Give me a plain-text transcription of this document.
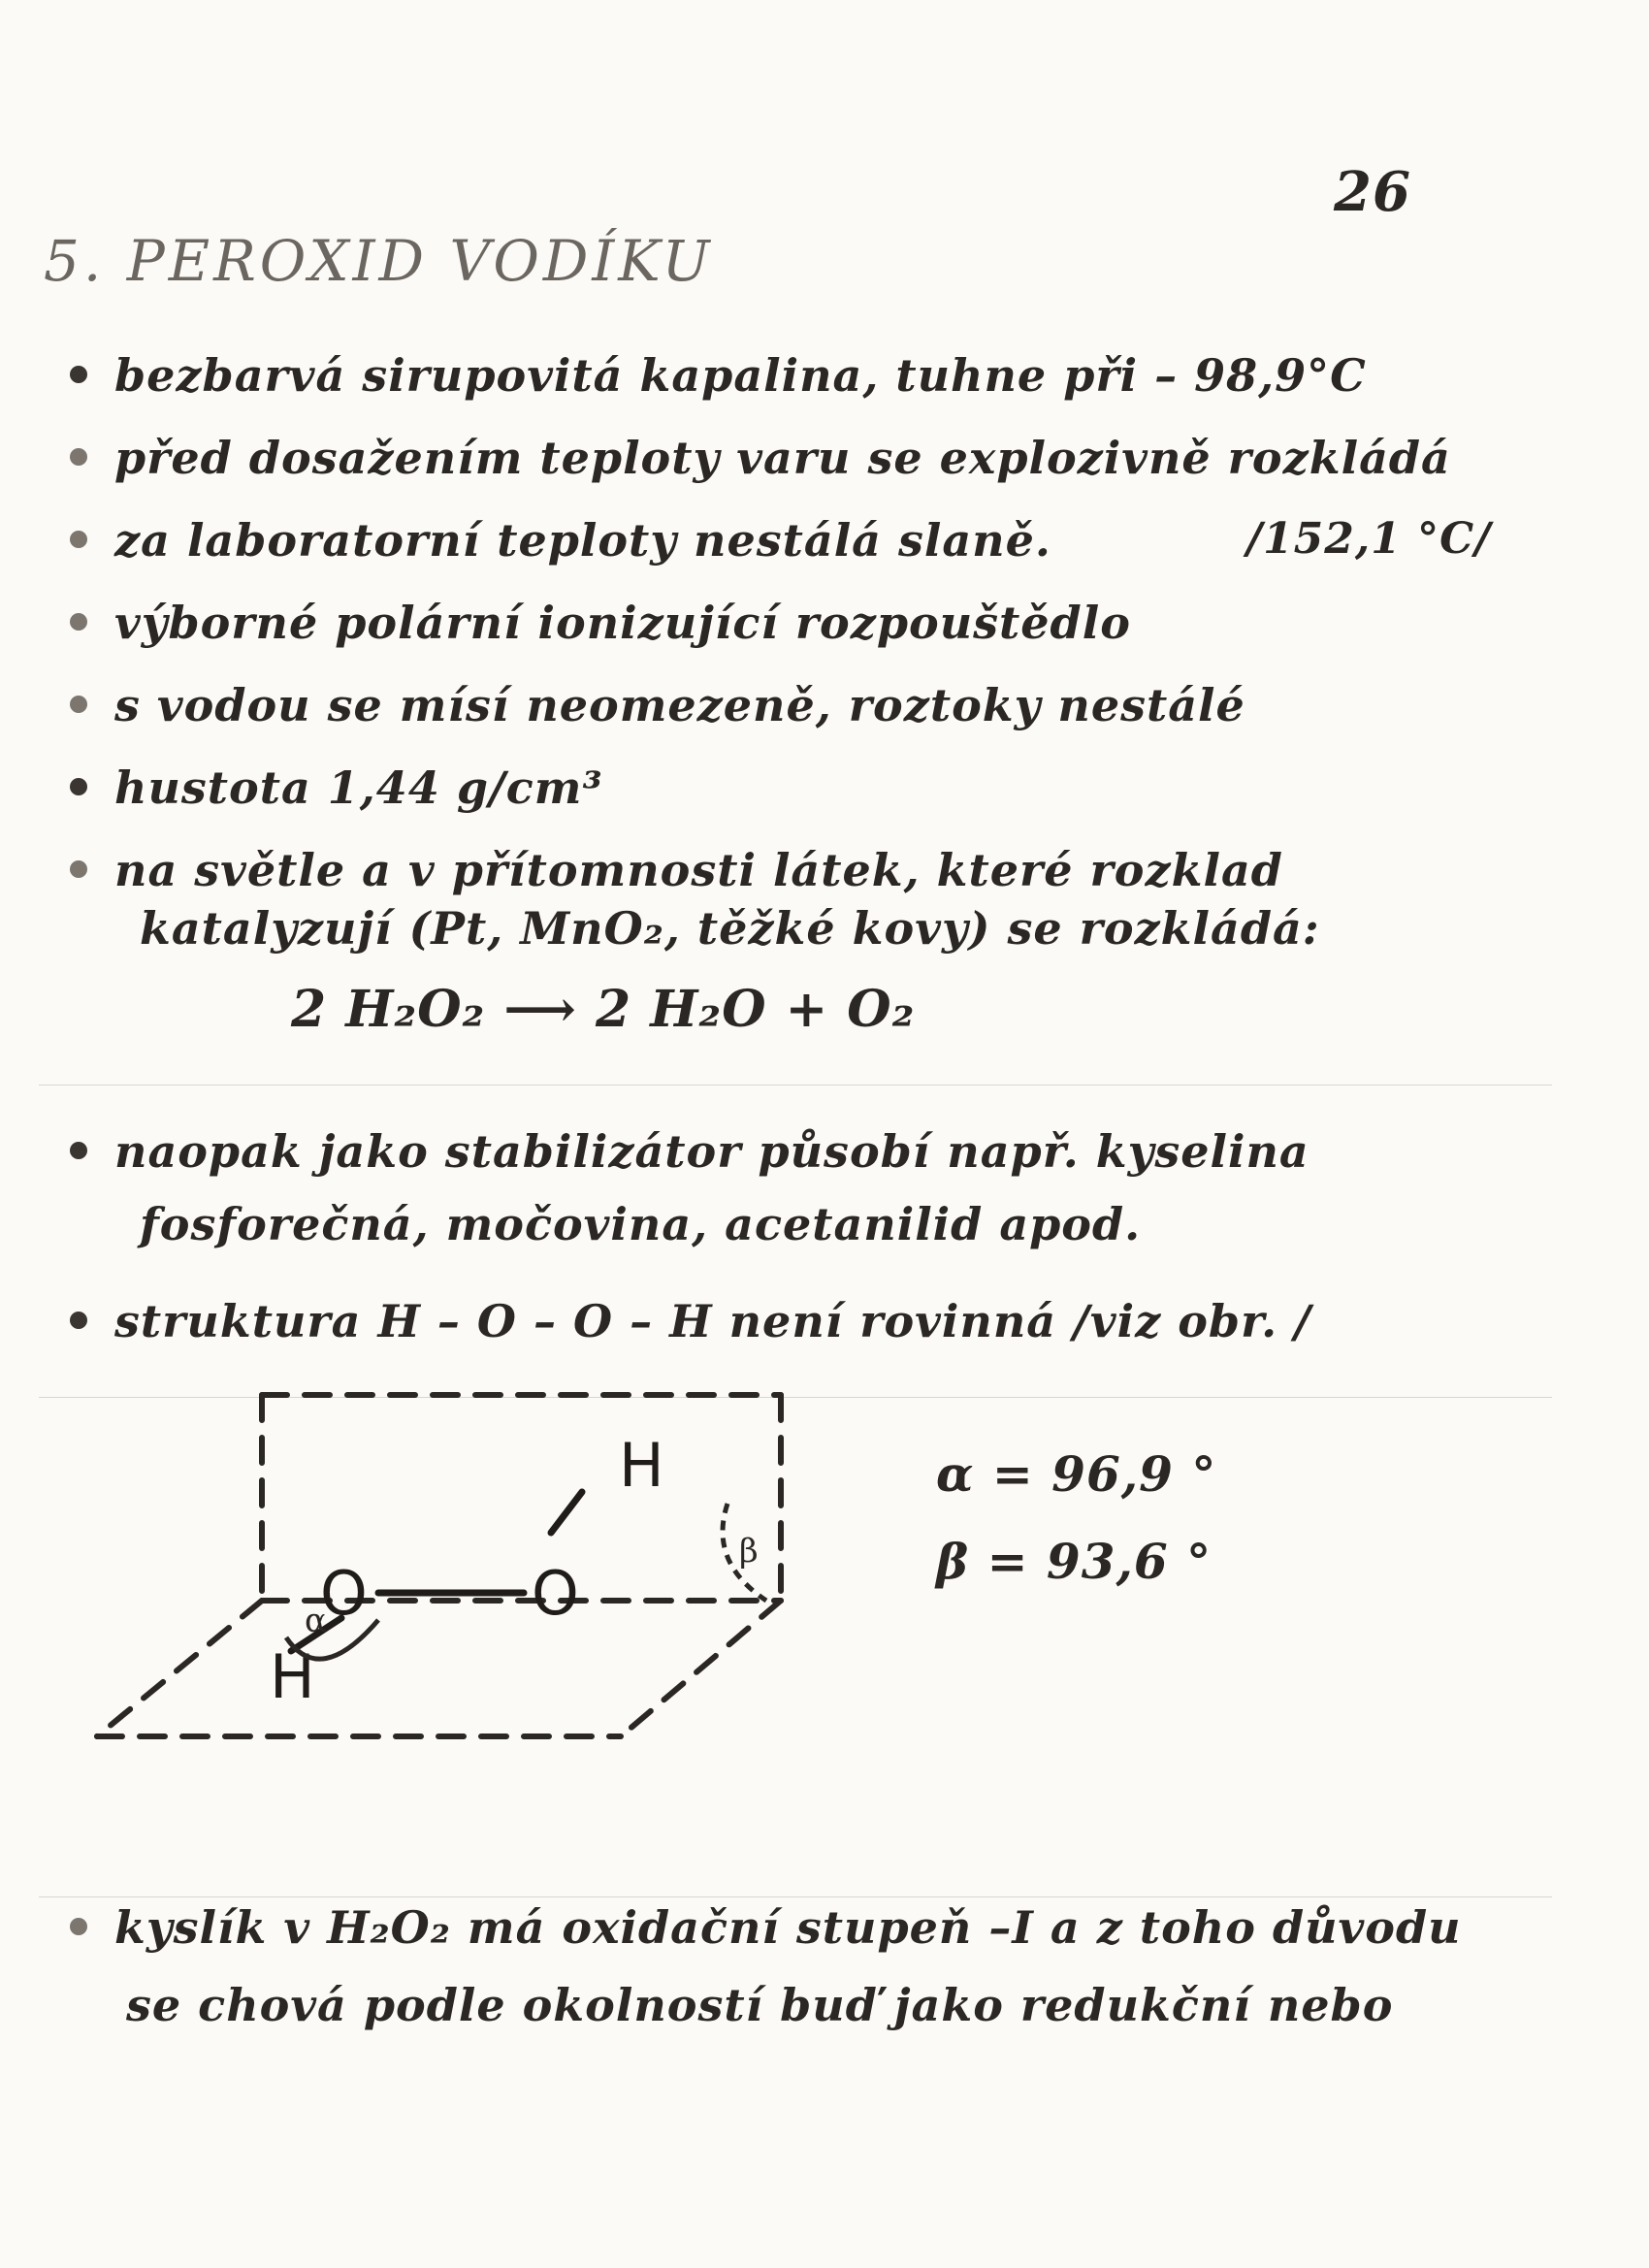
26
5. PEROXID VODÍKU
bezbarvá sirupovitá kapalina, tuhne při – 98,9°C
před dosažením teploty varu se explozivně rozkládá
za laboratorní teploty nestálá slaně.	/152,1 °C/
výborné polární ionizující rozpouštědlo
s vodou se mísí neomezeně, roztoky nestálé
hustota 1,44 g/cm³
na světle a v přítomnosti látek, které rozklad
katalyzují (Pt, MnO₂, těžké kovy) se rozkládá:
2 H₂O₂ ⟶ 2 H₂O + O₂
naopak jako stabilizátor působí např. kyselina
fosforečná, močovina, acetanilid apod.
struktura H – O – O – H není rovinná /viz obr. /
O	O
H
H
α
β
α = 96,9 °
β = 93,6 °
kyslík v H₂O₂ má oxidační stupeň –I a z toho důvodu
se chová podle okolností buď jako redukční nebo
